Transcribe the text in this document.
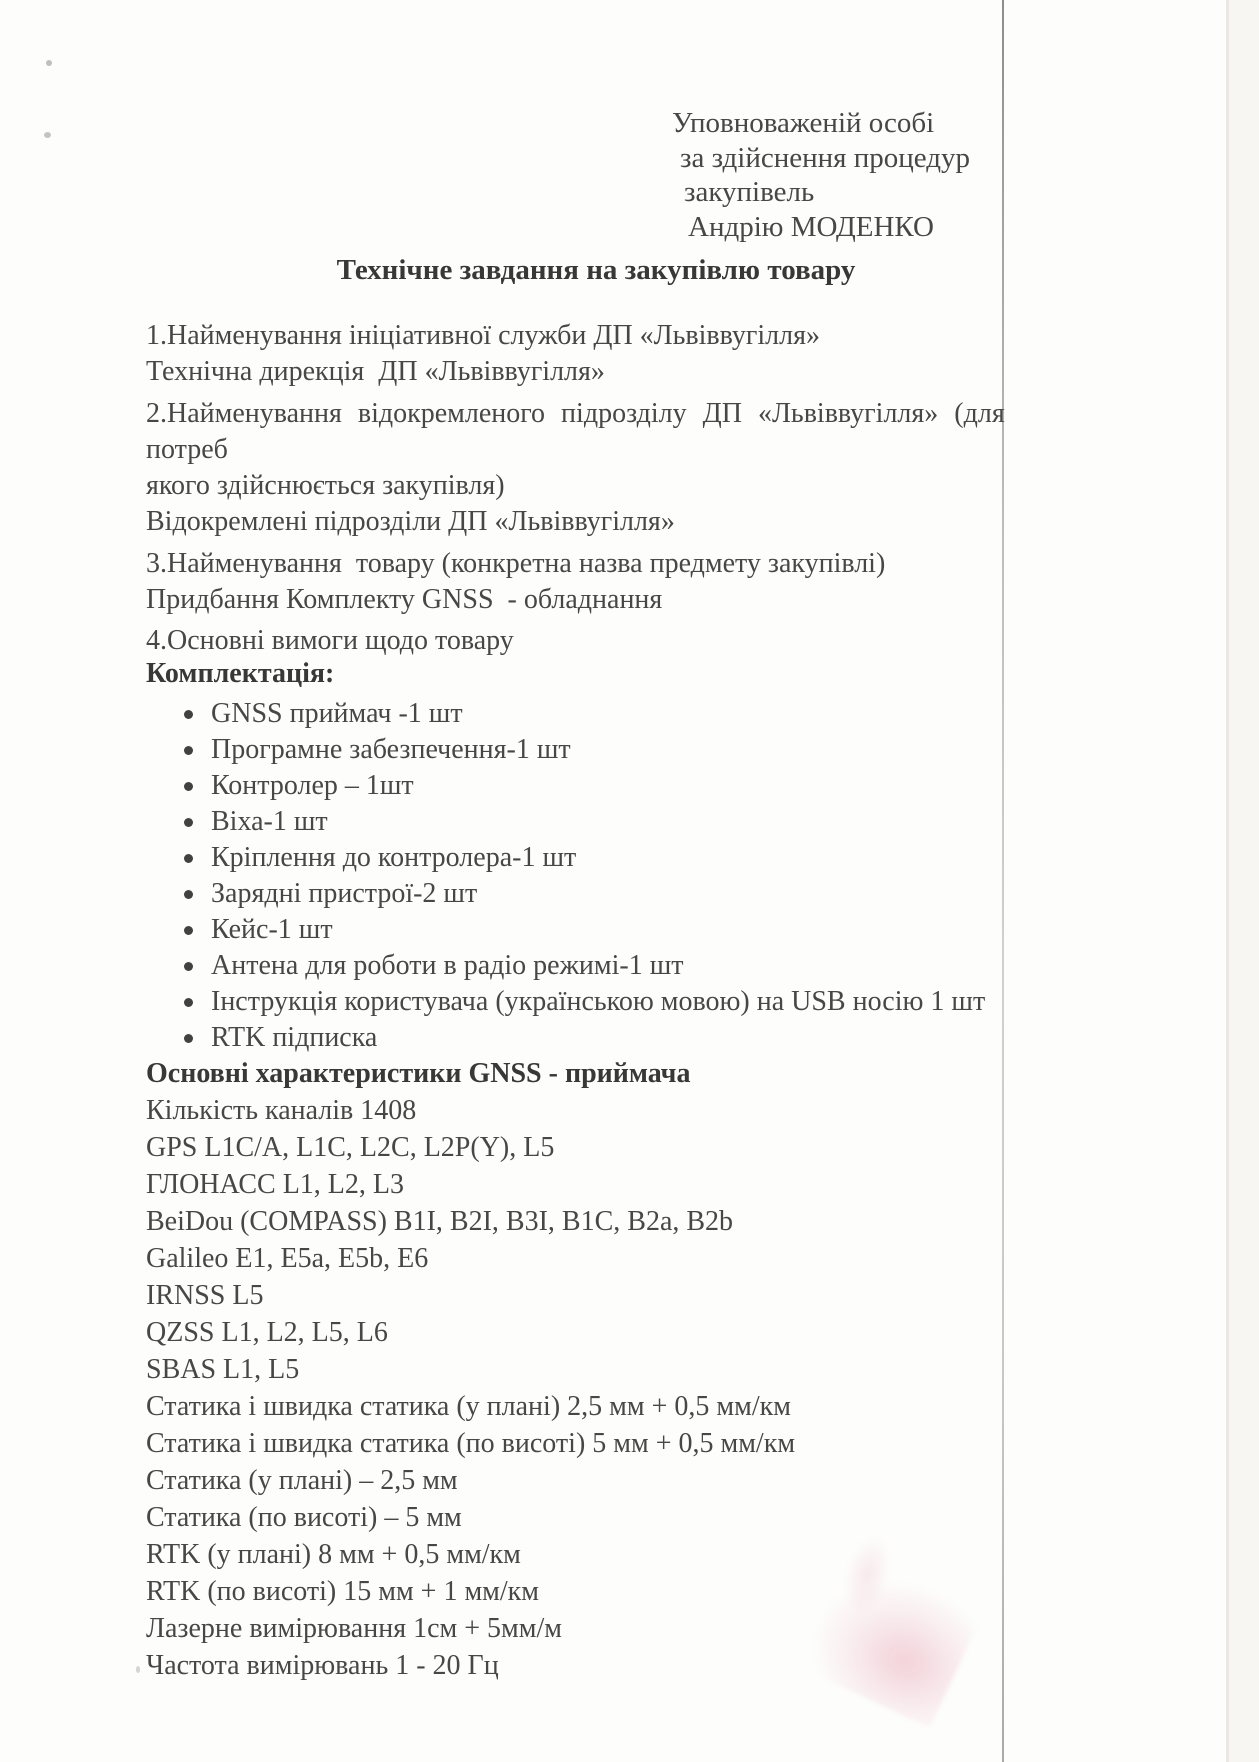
Уповноваженій особі
за здійснення процедур
закупівель
Андрію МОДЕНКО
Технічне завдання на закупівлю товару
1.Найменування ініціативної служби ДП «Львіввугілля»
Технічна дирекція  ДП «Львіввугілля»
2.Найменування відокремленого підрозділу ДП «Львіввугілля» (для потреб
якого здійснюється закупівля)
Відокремлені підрозділи ДП «Львіввугілля»
3.Найменування  товару (конкретна назва предмету закупівлі)
Придбання Комплекту GNSS  - обладнання
4.Основні вимоги щодо товару
Комплектація:
GNSS приймач -1 шт
Програмне забезпечення-1 шт
Контролер – 1шт
Віха-1 шт
Кріплення до контролера-1 шт
Зарядні пристрої-2 шт
Кейс-1 шт
Антена для роботи в радіо режимі-1 шт
Інструкція користувача (українською мовою) на USB носію 1 шт
RTK підписка
Основні характеристики GNSS - приймача
Кількість каналів 1408
GPS L1C/A, L1C, L2C, L2P(Y), L5
ГЛОНАСС L1, L2, L3
BeiDou (COMPASS) B1I, B2I, B3I, B1C, B2a, B2b
Galileo E1, E5a, E5b, E6
IRNSS L5
QZSS L1, L2, L5, L6
SBAS L1, L5
Статика і швидка статика (у плані) 2,5 мм + 0,5 мм/км
Статика і швидка статика (по висоті) 5 мм + 0,5 мм/км
Статика (у плані) – 2,5 мм
Статика (по висоті) – 5 мм
RTK (у плані) 8 мм + 0,5 мм/км
RTK (по висоті) 15 мм + 1 мм/км
Лазерне вимірювання 1см + 5мм/м
Частота вимірювань 1 - 20 Гц
